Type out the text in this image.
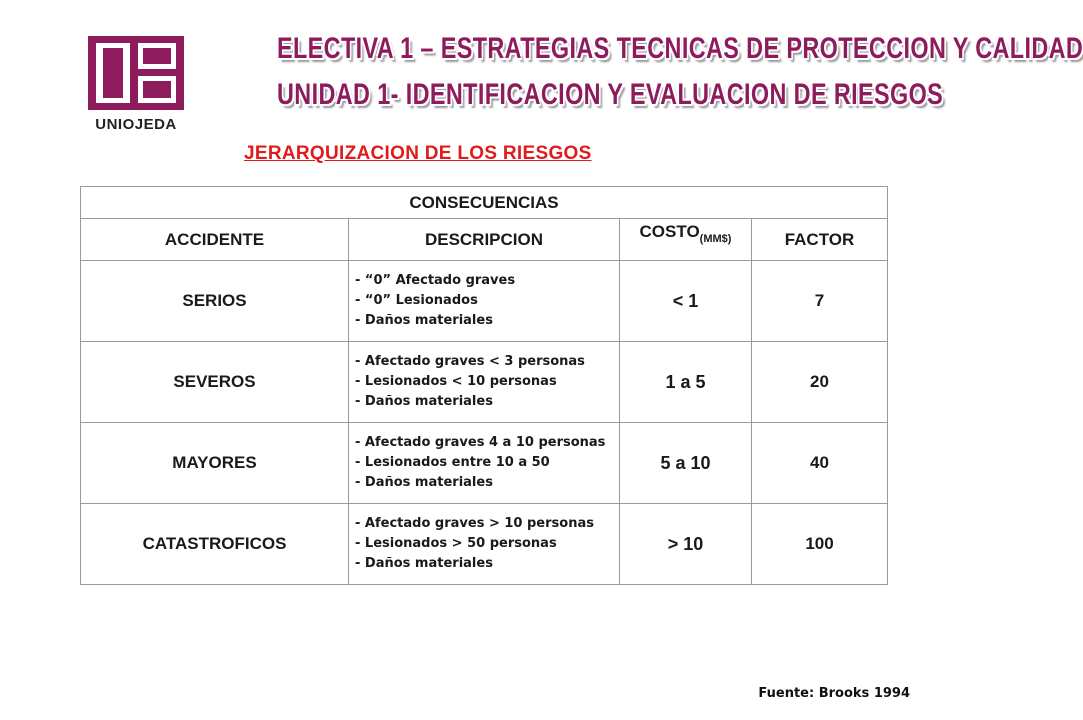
UNIOJEDA
ELECTIVA 1 – ESTRATEGIAS TECNICAS DE PROTECCION Y CALIDAD
UNIDAD 1- IDENTIFICACION Y EVALUACION DE RIESGOS
JERARQUIZACION DE LOS RIESGOS
CONSECUENCIAS			
ACCIDENTE	DESCRIPCION	$COSTO_{(MM\$)}$	FACTOR
SERIOS	- “0” Afectado graves
- “0” Lesionados
- Daños materiales	< 1	7
SEVEROS	- Afectado graves < 3 personas
- Lesionados < 10 personas
- Daños materiales	1 a 5	20
MAYORES	- Afectado graves 4 a 10 personas
- Lesionados entre 10 a 50
- Daños materiales	5 a 10	40
CATASTROFICOS	- Afectado graves > 10 personas
- Lesionados > 50 personas
- Daños materiales	> 10	100
Fuente: Brooks 1994
